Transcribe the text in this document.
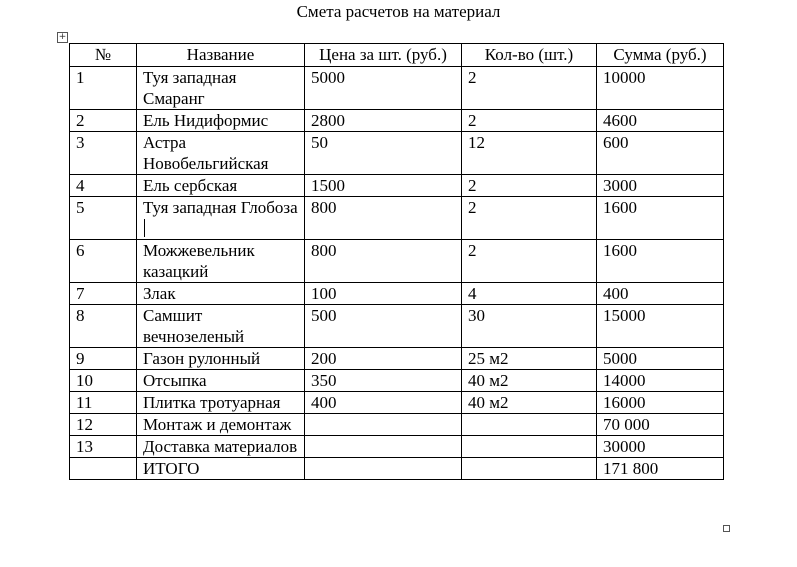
Смета расчетов на материал
+
№	Название	Цена за шт. (руб.)	Кол-во (шт.)	Сумма (руб.)
1	Туя западная Смаранг	5000	2	10000
2	Ель Нидиформис	2800	2	4600
3	Астра Новобельгийская	50	12	600
4	Ель сербская	1500	2	3000
5	Туя западная Глобоза	800	2	1600
6	Можжевельник казацкий	800	2	1600
7	Злак	100	4	400
8	Самшит вечнозеленый	500	30	15000
9	Газон рулонный	200	25 м2	5000
10	Отсыпка	350	40 м2	14000
11	Плитка тротуарная	400	40 м2	16000
12	Монтаж и демонтаж			70 000
13	Доставка материалов			30000
	ИТОГО			171 800
